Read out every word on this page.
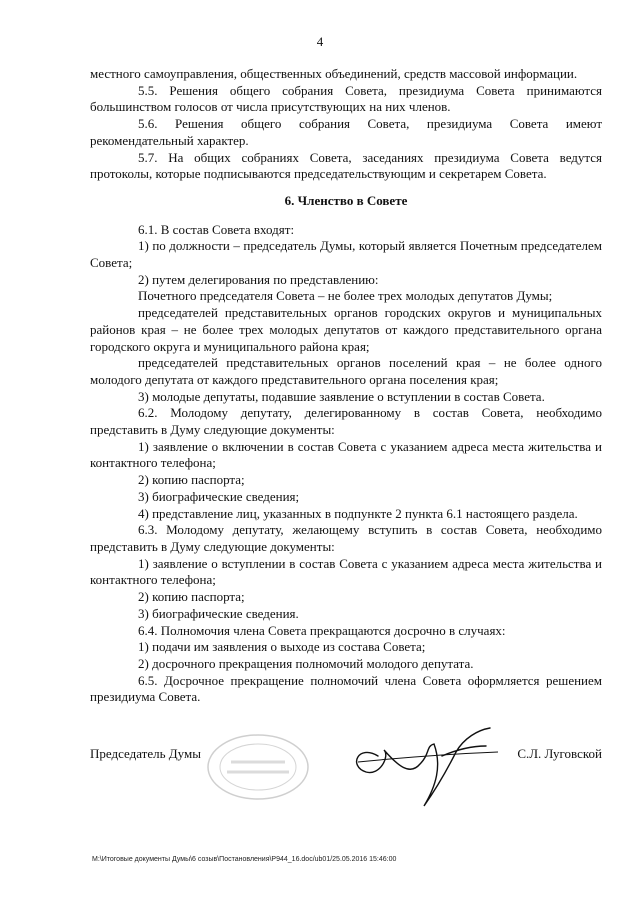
4

местного самоуправления, общественных объединений, средств массовой информации.

5.5. Решения общего собрания Совета, президиума Совета принимаются большинством голосов от числа присутствующих на них членов.

5.6. Решения общего собрания Совета, президиума Совета имеют рекомендательный характер.

5.7. На общих собраниях Совета, заседаниях президиума Совета ведутся протоколы, которые подписываются председательствующим и секретарем Совета.

6. Членство в Совете

6.1. В состав Совета входят:

1) по должности – председатель Думы, который является Почетным председателем Совета;

2) путем делегирования по представлению:

Почетного председателя Совета – не более трех молодых депутатов Думы;

председателей представительных органов городских округов и муниципальных районов края – не более трех молодых депутатов от каждого представительного органа городского округа и муниципального района края;

председателей представительных органов поселений края – не более одного молодого депутата от каждого представительного органа поселения края;

3) молодые депутаты, подавшие заявление о вступлении в состав Совета.

6.2. Молодому депутату, делегированному в состав Совета, необходимо представить в Думу следующие документы:

1) заявление о включении в состав Совета с указанием адреса места жительства и контактного телефона;

2) копию паспорта;

3) биографические сведения;

4) представление лиц, указанных в подпункте 2 пункта 6.1 настоящего раздела.

6.3. Молодому депутату, желающему вступить в состав Совета, необходимо представить в Думу следующие документы:

1) заявление о вступлении в состав Совета с указанием адреса места жительства и контактного телефона;

2) копию паспорта;

3) биографические сведения.

6.4. Полномочия члена Совета прекращаются досрочно в случаях:

1) подачи им заявления о выходе из состава Совета;

2) досрочного прекращения полномочий молодого депутата.

6.5. Досрочное прекращение полномочий члена Совета оформляется решением президиума Совета.

Председатель Думы	С.Л. Луговской
M:\Итоговые документы Думы\6 созыв\Постановления\P944_16.doc/ub01/25.05.2016 15:46:00
